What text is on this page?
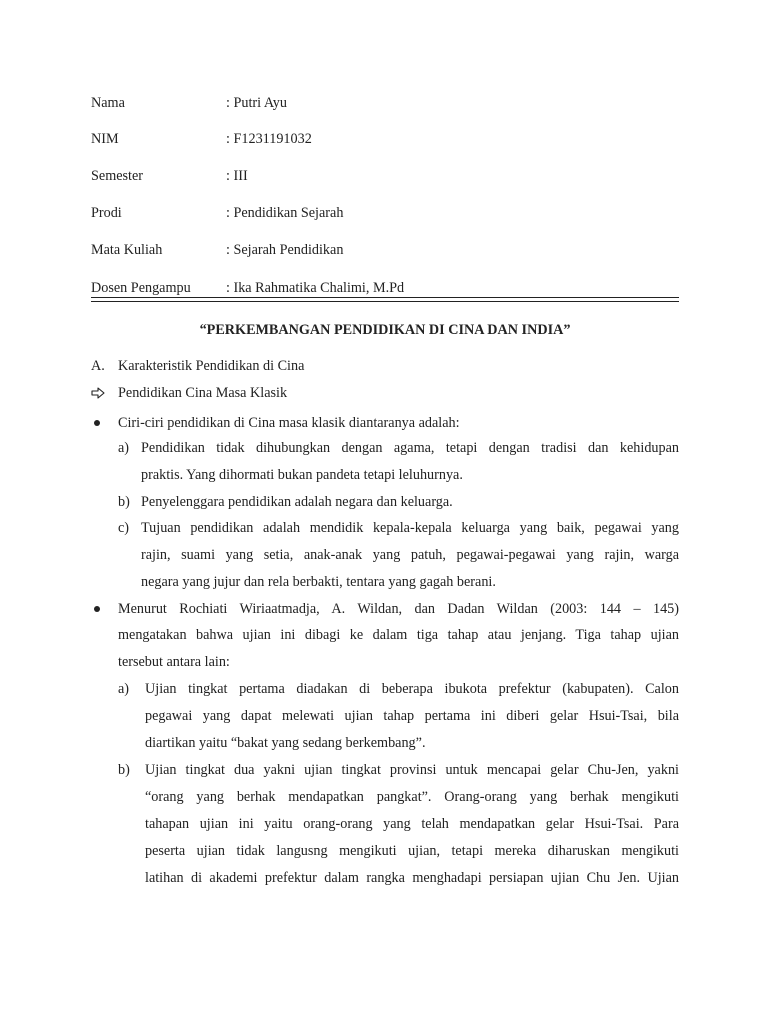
Nama	: Putri Ayu
NIM	: F1231191032
Semester	: III
Prodi	: Pendidikan Sejarah
Mata Kuliah	: Sejarah Pendidikan
Dosen Pengampu : Ika Rahmatika Chalimi, M.Pd
“PERKEMBANGAN PENDIDIKAN DI CINA DAN INDIA”
A. Karakteristik Pendidikan di Cina
Pendidikan Cina Masa Klasik
Ciri-ciri pendidikan di Cina masa klasik diantaranya adalah:
a) Pendidikan tidak dihubungkan dengan agama, tetapi dengan tradisi dan kehidupan
praktis. Yang dihormati bukan pandeta tetapi leluhurnya.
b) Penyelenggara pendidikan adalah negara dan keluarga.
c) Tujuan pendidikan adalah mendidik kepala-kepala keluarga yang baik, pegawai yang
rajin, suami yang setia, anak-anak yang patuh, pegawai-pegawai yang rajin, warga
negara yang jujur dan rela berbakti, tentara yang gagah berani.
Menurut Rochiati Wiriaatmadja, A. Wildan, dan Dadan Wildan (2003: 144 – 145)
mengatakan bahwa ujian ini dibagi ke dalam tiga tahap atau jenjang. Tiga tahap ujian
tersebut antara lain:
a) Ujian tingkat pertama diadakan di beberapa ibukota prefektur (kabupaten). Calon
pegawai yang dapat melewati ujian tahap pertama ini diberi gelar Hsui-Tsai, bila
diartikan yaitu “bakat yang sedang berkembang”.
b) Ujian tingkat dua yakni ujian tingkat provinsi untuk mencapai gelar Chu-Jen, yakni
“orang yang berhak mendapatkan pangkat”. Orang-orang yang berhak mengikuti
tahapan ujian ini yaitu orang-orang yang telah mendapatkan gelar Hsui-Tsai. Para
peserta ujian tidak langusng mengikuti ujian, tetapi mereka diharuskan mengikuti
latihan di akademi prefektur dalam rangka menghadapi persiapan ujian Chu Jen. Ujian
